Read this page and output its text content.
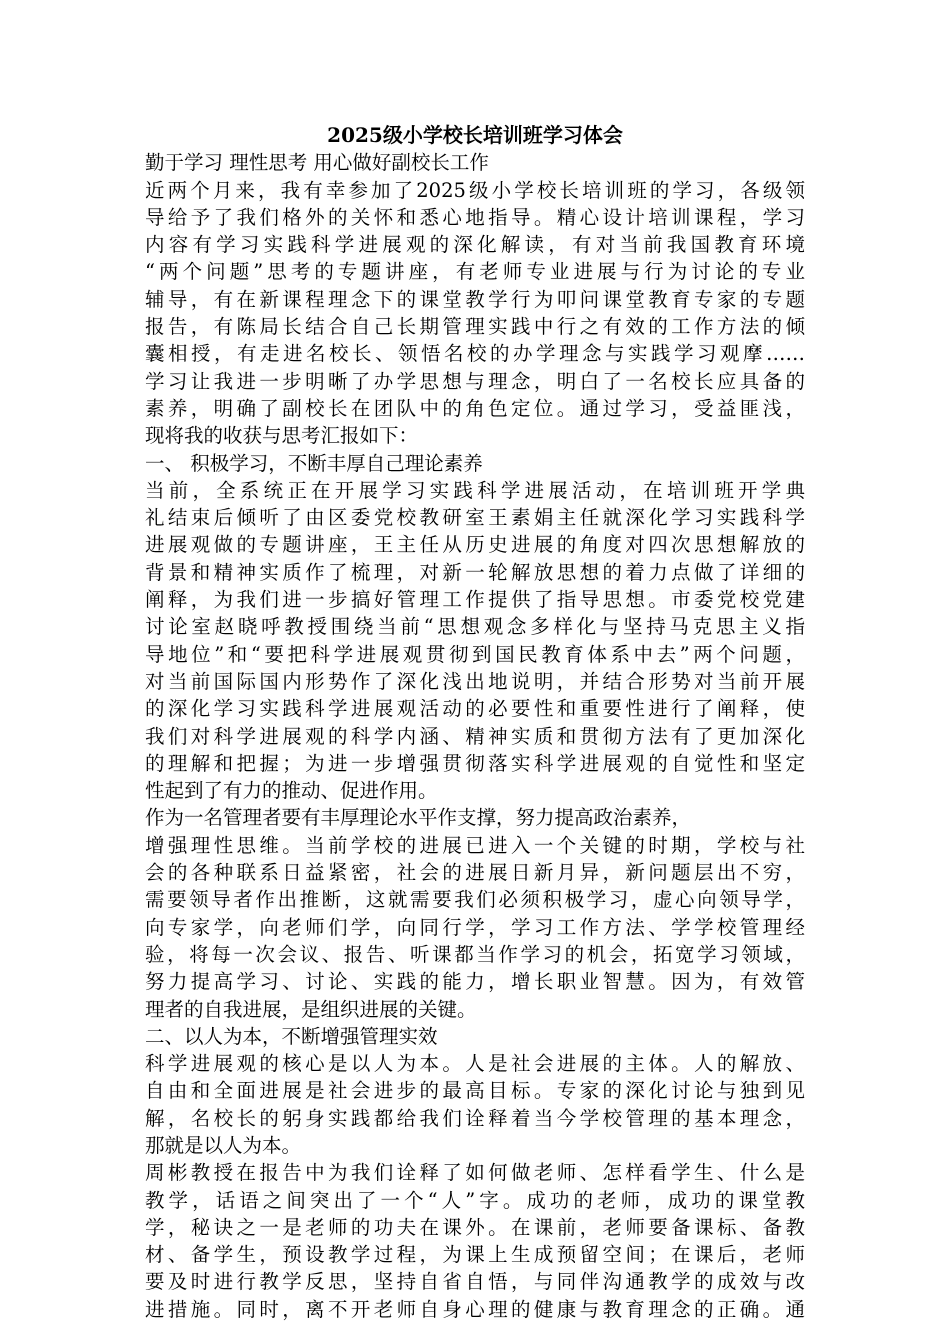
2025级小学校长培训班学习体会
勤于学习 理性思考 用心做好副校长工作
近两个月来，我有幸参加了2025级小学校长培训班的学习，各级领
导给予了我们格外的关怀和悉心地指导。精心设计培训课程，学习
内容有学习实践科学进展观的深化解读，有对当前我国教育环境
“两个问题”思考的专题讲座，有老师专业进展与行为讨论的专业
辅导，有在新课程理念下的课堂教学行为叩问课堂教育专家的专题
报告，有陈局长结合自己长期管理实践中行之有效的工作方法的倾
囊相授，有走进名校长、领悟名校的办学理念与实践学习观摩……
学习让我进一步明晰了办学思想与理念，明白了一名校长应具备的
素养，明确了副校长在团队中的角色定位。通过学习，受益匪浅，
现将我的收获与思考汇报如下：
一、 积极学习，不断丰厚自己理论素养
当前，全系统正在开展学习实践科学进展活动，在培训班开学典
礼结束后倾听了由区委党校教研室王素娟主任就深化学习实践科学
进展观做的专题讲座，王主任从历史进展的角度对四次思想解放的
背景和精神实质作了梳理，对新一轮解放思想的着力点做了详细的
阐释，为我们进一步搞好管理工作提供了指导思想。市委党校党建
讨论室赵晓呼教授围绕当前“思想观念多样化与坚持马克思主义指
导地位”和“要把科学进展观贯彻到国民教育体系中去”两个问题，
对当前国际国内形势作了深化浅出地说明，并结合形势对当前开展
的深化学习实践科学进展观活动的必要性和重要性进行了阐释，使
我们对科学进展观的科学内涵、精神实质和贯彻方法有了更加深化
的理解和把握；为进一步增强贯彻落实科学进展观的自觉性和坚定
性起到了有力的推动、促进作用。
作为一名管理者要有丰厚理论水平作支撑，努力提高政治素养，
增强理性思维。当前学校的进展已进入一个关键的时期，学校与社
会的各种联系日益紧密，社会的进展日新月异，新问题层出不穷，
需要领导者作出推断，这就需要我们必须积极学习，虚心向领导学，
向专家学，向老师们学，向同行学，学习工作方法、学学校管理经
验，将每一次会议、报告、听课都当作学习的机会，拓宽学习领域，
努力提高学习、讨论、实践的能力，增长职业智慧。因为，有效管
理者的自我进展，是组织进展的关键。
二、以人为本，不断增强管理实效
科学进展观的核心是以人为本。人是社会进展的主体。人的解放、
自由和全面进展是社会进步的最高目标。专家的深化讨论与独到见
解，名校长的躬身实践都给我们诠释着当今学校管理的基本理念，
那就是以人为本。
周彬教授在报告中为我们诠释了如何做老师、怎样看学生、什么是
教学，话语之间突出了一个“人”字。成功的老师，成功的课堂教
学，秘诀之一是老师的功夫在课外。在课前，老师要备课标、备教
材、备学生，预设教学过程，为课上生成预留空间；在课后，老师
要及时进行教学反思，坚持自省自悟，与同伴沟通教学的成效与改
进措施。同时，离不开老师自身心理的健康与教育理念的正确。通
